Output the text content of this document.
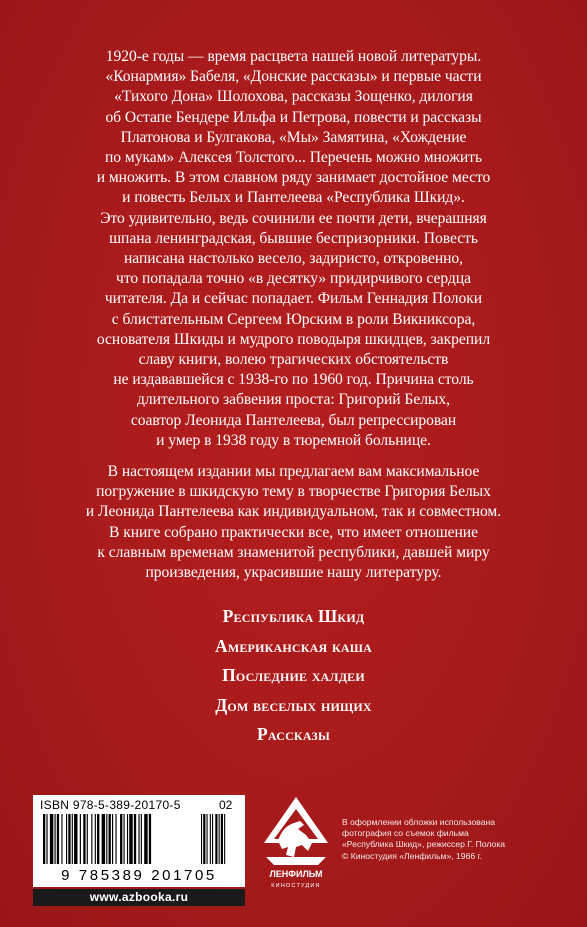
1920-е годы — время расцвета нашей новой литературы.
«Конармия» Бабеля, «Донские рассказы» и первые части
«Тихого Дона» Шолохова, рассказы Зощенко, дилогия
об Остапе Бендере Ильфа и Петрова, повести и рассказы
Платонова и Булгакова, «Мы» Замятина, «Хождение
по мукам» Алексея Толстого... Перечень можно множить
и множить. В этом славном ряду занимает достойное место
и повесть Белых и Пантелеева «Республика Шкид».
Это удивительно, ведь сочинили ее почти дети, вчерашняя
шпана ленинградская, бывшие беспризорники. Повесть
написана настолько весело, задиристо, откровенно,
что попадала точно «в десятку» придирчивого сердца
читателя. Да и сейчас попадает. Фильм Геннадия Полоки
с блистательным Сергеем Юрским в роли Викниксора,
основателя Шкиды и мудрого поводыря шкидцев, закрепил
славу книги, волею трагических обстоятельств
не издававшейся с 1938-го по 1960 год. Причина столь
длительного забвения проста: Григорий Белых,
соавтор Леонида Пантелеева, был репрессирован
и умер в 1938 году в тюремной больнице.
В настоящем издании мы предлагаем вам максимальное
погружение в шкидскую тему в творчестве Григория Белых
и Леонида Пантелеева как индивидуальном, так и совместном.
В книге собрано практически все, что имеет отношение
к славным временам знаменитой республики, давшей миру
произведения, украсившие нашу литературу.
Республика Шкид
Американская каша
Последние халдеи
Дом веселых нищих
Рассказы
ISBN 978-5-389-20170-5	02
9 785389 201705
www.azbooka.ru
ЛЕНФИЛЬМ
КИНОСТУДИЯ
В оформлении обложки использована
фотография со съемок фильма
«Республика Шкид», режиссер Г. Полока
© Киностудия «Ленфильм», 1966 г.
